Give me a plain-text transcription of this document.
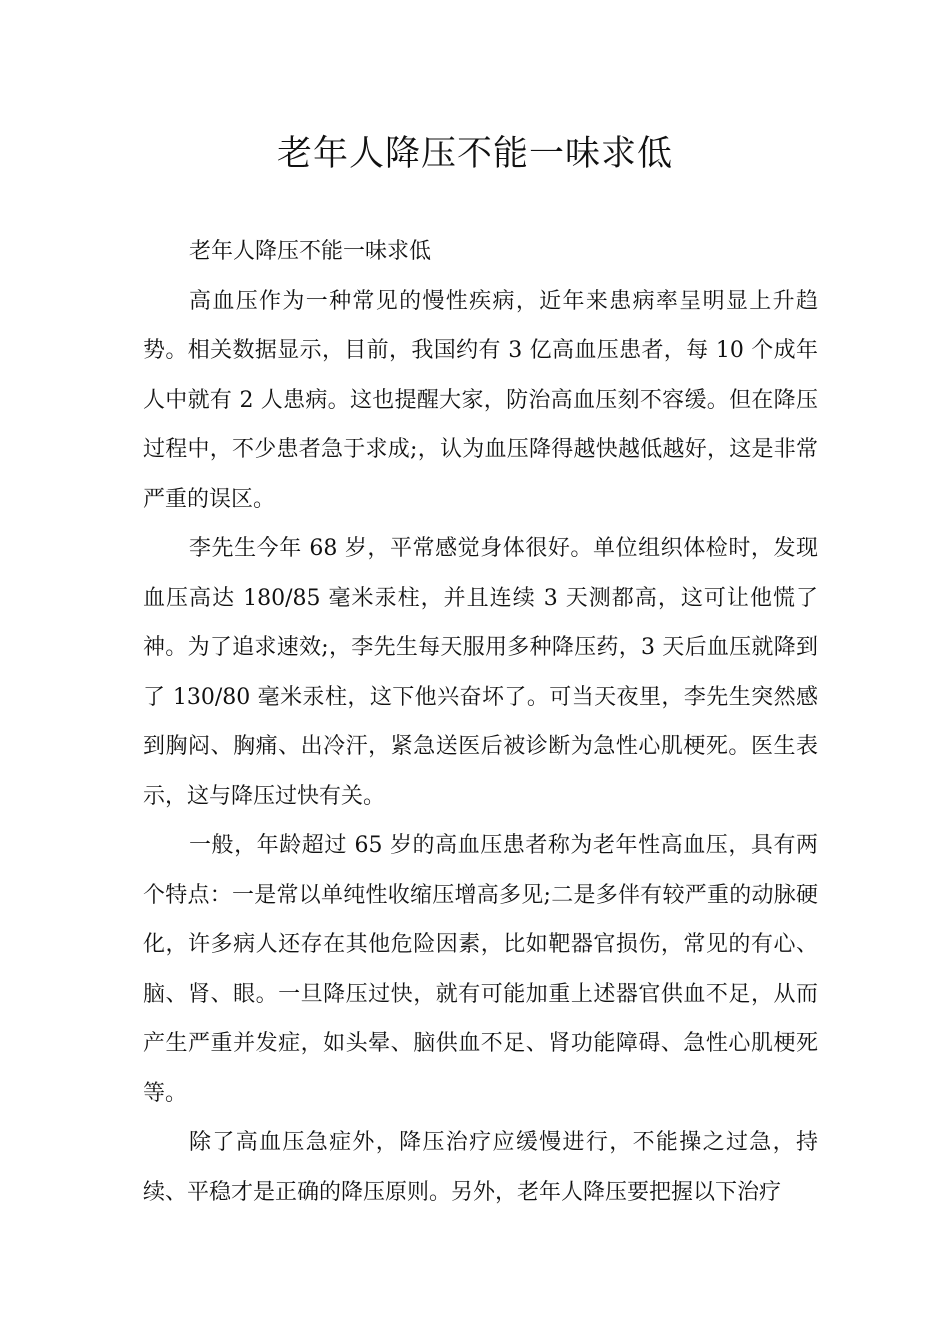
老年人降压不能一味求低

老年人降压不能一味求低

高血压作为一种常见的慢性疾病，近年来患病率呈明显上升趋势。相关数据显示，目前，我国约有 3 亿高血压患者，每 10 个成年人中就有 2 人患病。这也提醒大家，防治高血压刻不容缓。但在降压过程中，不少患者急于求成;，认为血压降得越快越低越好，这是非常严重的误区。

李先生今年 68 岁，平常感觉身体很好。单位组织体检时，发现血压高达 180/85 毫米汞柱，并且连续 3 天测都高，这可让他慌了神。为了追求速效;，李先生每天服用多种降压药，3 天后血压就降到了 130/80 毫米汞柱，这下他兴奋坏了。可当天夜里，李先生突然感到胸闷、胸痛、出冷汗，紧急送医后被诊断为急性心肌梗死。医生表示，这与降压过快有关。

一般，年龄超过 65 岁的高血压患者称为老年性高血压，具有两个特点：一是常以单纯性收缩压增高多见;二是多伴有较严重的动脉硬化，许多病人还存在其他危险因素，比如靶器官损伤，常见的有心、脑、肾、眼。一旦降压过快，就有可能加重上述器官供血不足，从而产生严重并发症，如头晕、脑供血不足、肾功能障碍、急性心肌梗死等。

除了高血压急症外，降压治疗应缓慢进行，不能操之过急，持续、平稳才是正确的降压原则。另外，老年人降压要把握以下治疗
